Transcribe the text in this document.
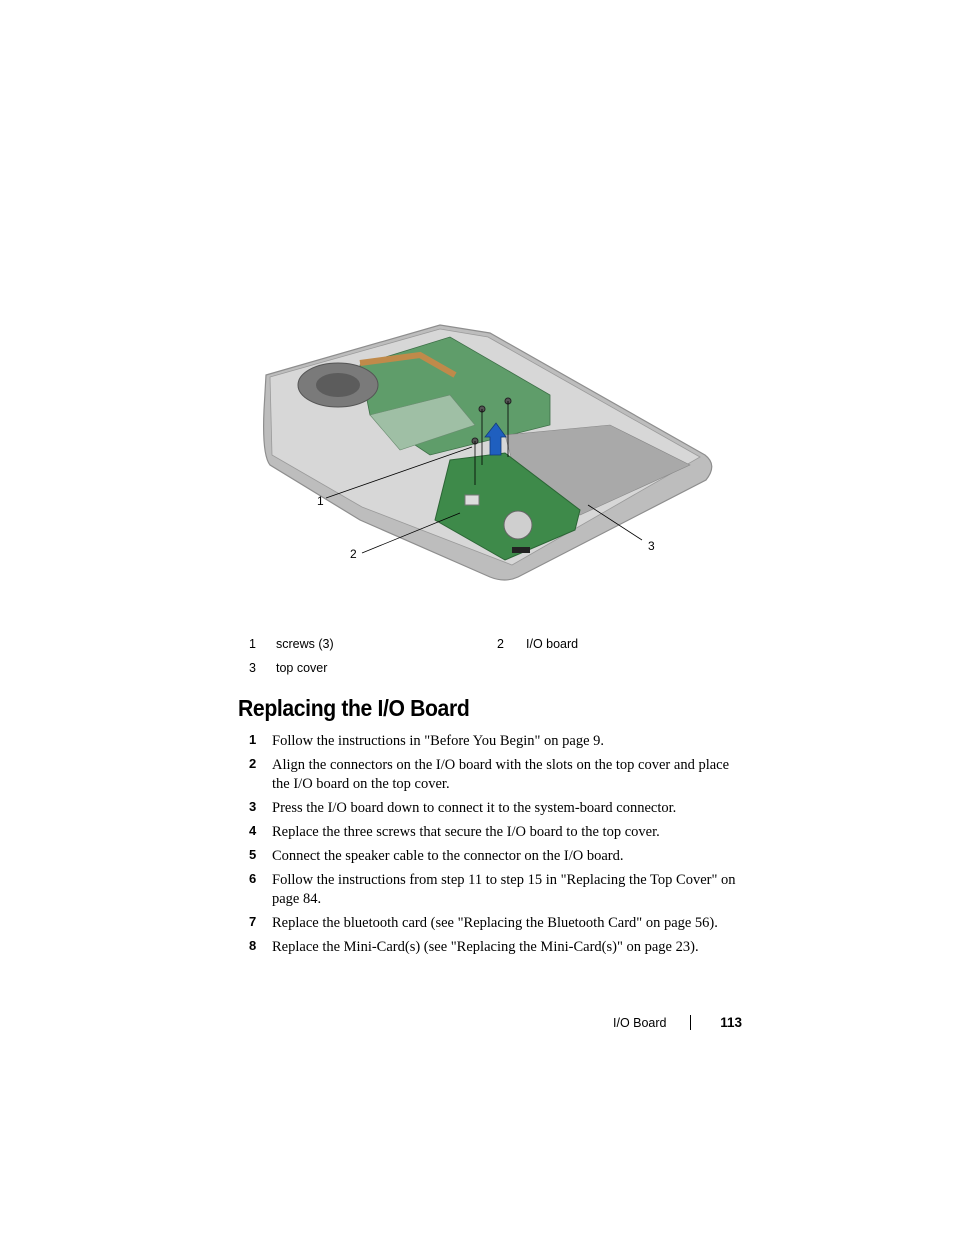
1
2
3
1 screws (3)	2 I/O board
3 top cover
Replacing the I/O Board
1 Follow the instructions in "Before You Begin" on page 9.
2 Align the connectors on the I/O board with the slots on the top cover and place the I/O board on the top cover.
3 Press the I/O board down to connect it to the system-board connector.
4 Replace the three screws that secure the I/O board to the top cover.
5 Connect the speaker cable to the connector on the I/O board.
6 Follow the instructions from step 11 to step 15 in "Replacing the Top Cover" on page 84.
7 Replace the bluetooth card (see "Replacing the Bluetooth Card" on page 56).
8 Replace the Mini-Card(s) (see "Replacing the Mini-Card(s)" on page 23).
I/O Board	113
